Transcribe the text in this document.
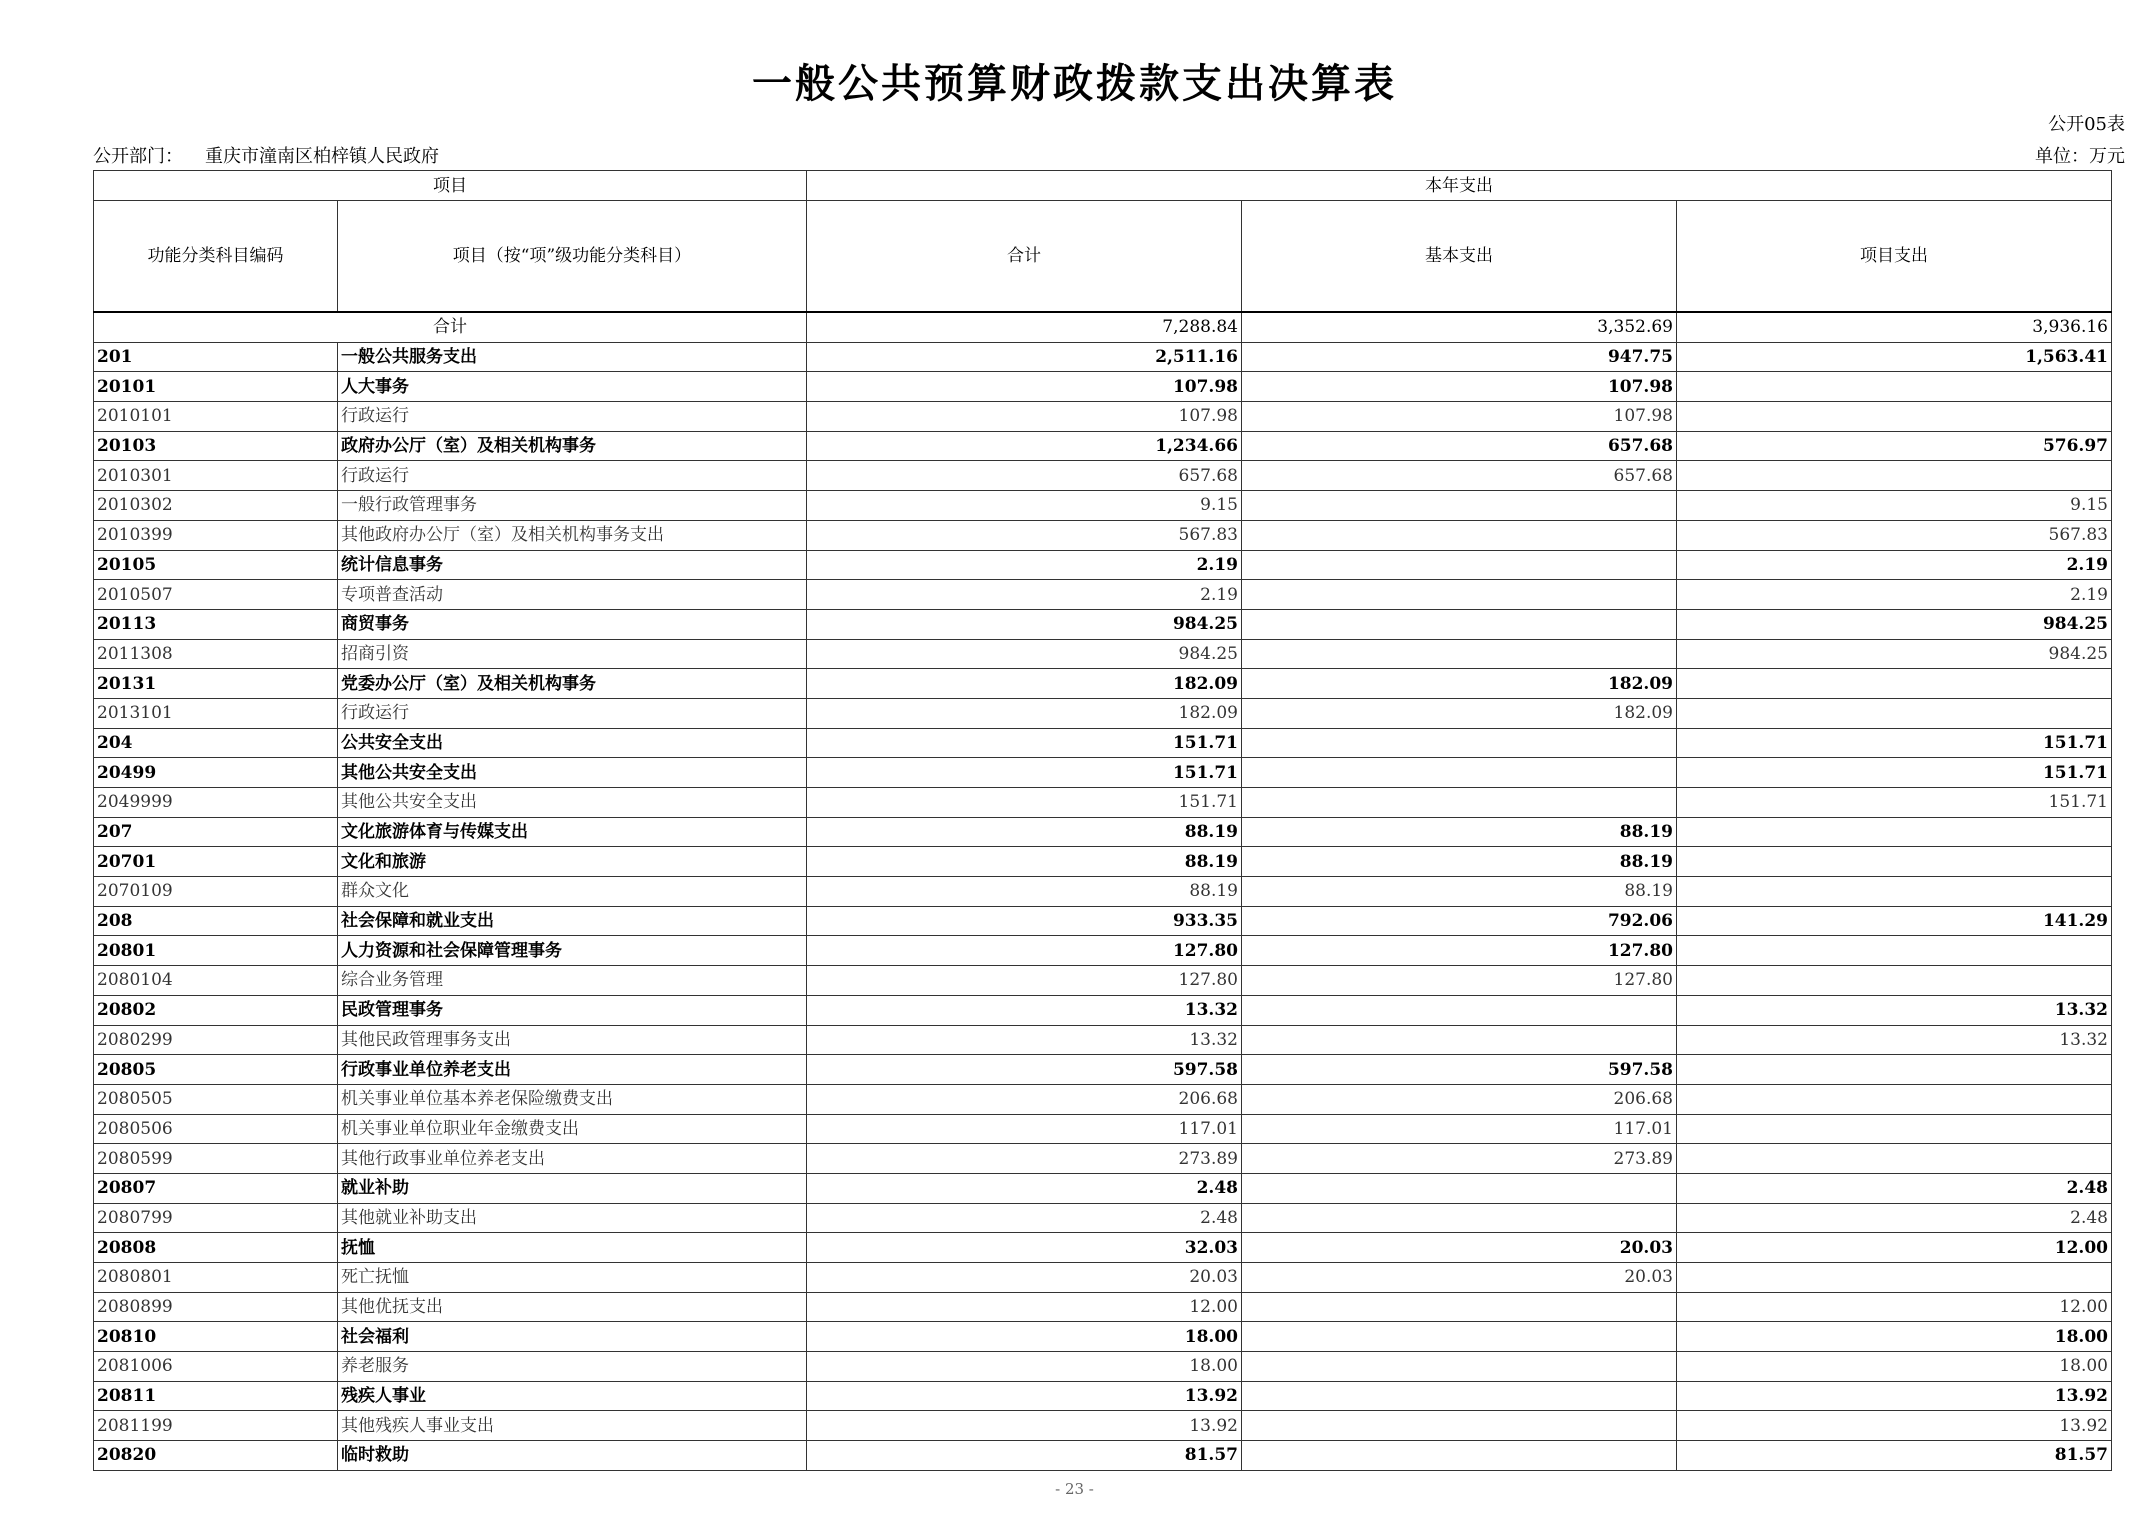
一般公共预算财政拨款支出决算表
公开05表
公开部门： 重庆市潼南区柏梓镇人民政府	单位：万元
项目		本年支出		
功能分类科目编码	项目（按“项”级功能分类科目）	合计	基本支出	项目支出
合计		7,288.84	3,352.69	3,936.16
201	一般公共服务支出	2,511.16	947.75	1,563.41
20101	人大事务	107.98	107.98	
2010101	行政运行	107.98	107.98	
20103	政府办公厅（室）及相关机构事务	1,234.66	657.68	576.97
2010301	行政运行	657.68	657.68	
2010302	一般行政管理事务	9.15		9.15
2010399	其他政府办公厅（室）及相关机构事务支出	567.83		567.83
20105	统计信息事务	2.19		2.19
2010507	专项普查活动	2.19		2.19
20113	商贸事务	984.25		984.25
2011308	招商引资	984.25		984.25
20131	党委办公厅（室）及相关机构事务	182.09	182.09	
2013101	行政运行	182.09	182.09	
204	公共安全支出	151.71		151.71
20499	其他公共安全支出	151.71		151.71
2049999	其他公共安全支出	151.71		151.71
207	文化旅游体育与传媒支出	88.19	88.19	
20701	文化和旅游	88.19	88.19	
2070109	群众文化	88.19	88.19	
208	社会保障和就业支出	933.35	792.06	141.29
20801	人力资源和社会保障管理事务	127.80	127.80	
2080104	综合业务管理	127.80	127.80	
20802	民政管理事务	13.32		13.32
2080299	其他民政管理事务支出	13.32		13.32
20805	行政事业单位养老支出	597.58	597.58	
2080505	机关事业单位基本养老保险缴费支出	206.68	206.68	
2080506	机关事业单位职业年金缴费支出	117.01	117.01	
2080599	其他行政事业单位养老支出	273.89	273.89	
20807	就业补助	2.48		2.48
2080799	其他就业补助支出	2.48		2.48
20808	抚恤	32.03	20.03	12.00
2080801	死亡抚恤	20.03	20.03	
2080899	其他优抚支出	12.00		12.00
20810	社会福利	18.00		18.00
2081006	养老服务	18.00		18.00
20811	残疾人事业	13.92		13.92
2081199	其他残疾人事业支出	13.92		13.92
20820	临时救助	81.57		81.57
- 23 -
